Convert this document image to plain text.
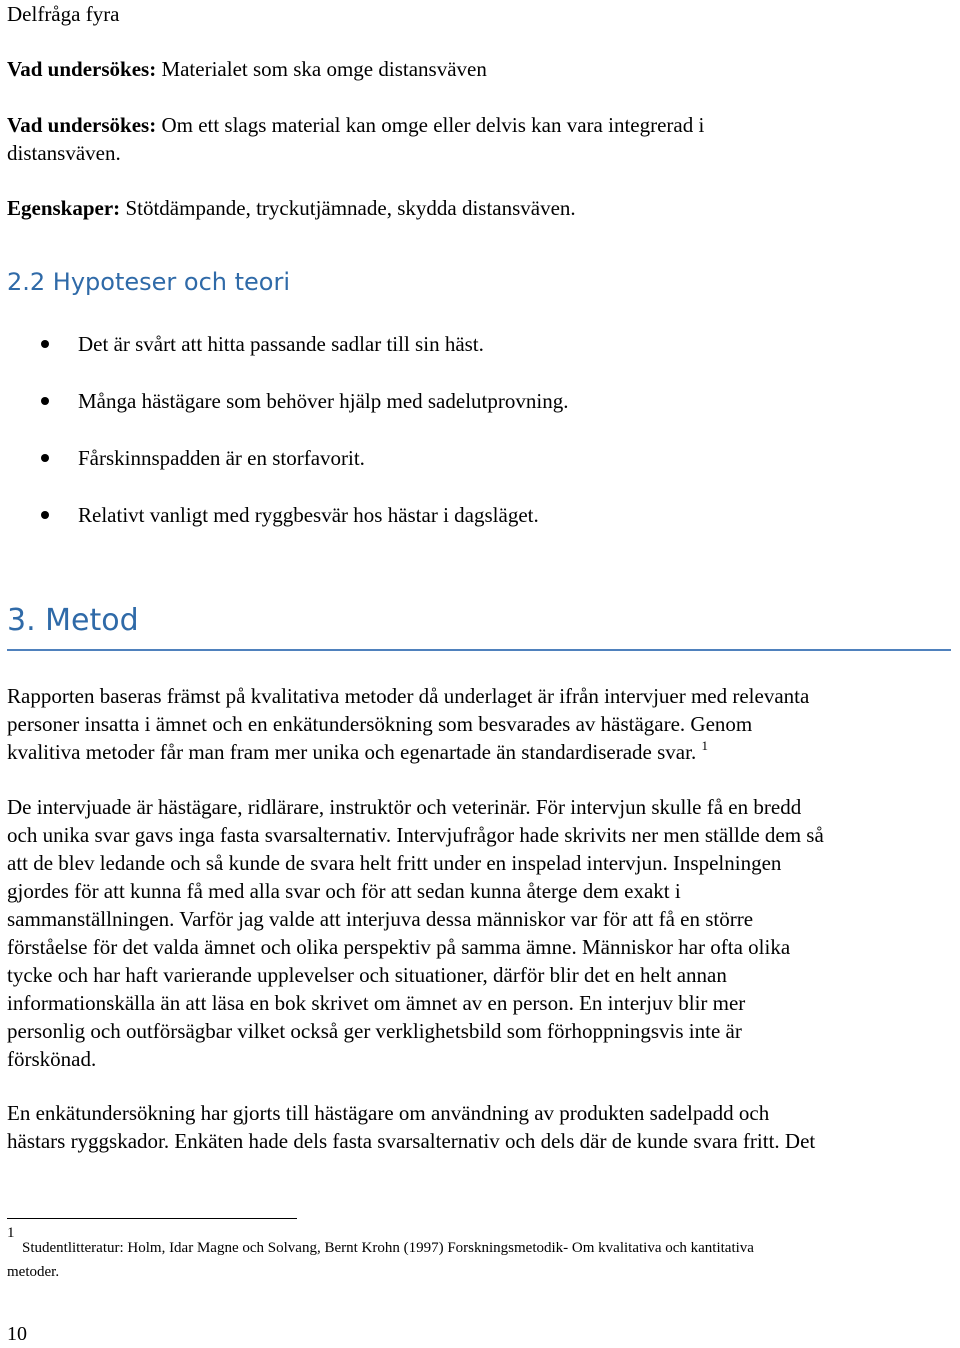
Delfråga fyra
Vad undersökes: Materialet som ska omge distansväven
Vad undersökes: Om ett slags material kan omge eller delvis kan vara integrerad i
distansväven.
Egenskaper: Stötdämpande, tryckutjämnade, skydda distansväven.
2.2 Hypoteser och teori
Det är svårt att hitta passande sadlar till sin häst.
Många hästägare som behöver hjälp med sadelutprovning.
Fårskinnspadden är en storfavorit.
Relativt vanligt med ryggbesvär hos hästar i dagsläget.
3. Metod
Rapporten baseras främst på kvalitativa metoder då underlaget är ifrån intervjuer med relevanta
personer insatta i ämnet och en enkätundersökning som besvarades av hästägare. Genom
kvalitiva metoder får man fram mer unika och egenartade än standardiserade svar. $^1$
De intervjuade är hästägare, ridlärare, instruktör och veterinär. För intervjun skulle få en bredd
och unika svar gavs inga fasta svarsalternativ. Intervjufrågor hade skrivits ner men ställde dem så
att de blev ledande och så kunde de svara helt fritt under en inspelad intervjun. Inspelningen
gjordes för att kunna få med alla svar och för att sedan kunna återge dem exakt i
sammanställningen. Varför jag valde att interjuva dessa människor var för att få en större
förståelse för det valda ämnet och olika perspektiv på samma ämne. Människor har ofta olika
tycke och har haft varierande upplevelser och situationer, därför blir det en helt annan
informationskälla än att läsa en bok skrivet om ämnet av en person. En interjuv blir mer
personlig och outförsägbar vilket också ger verklighetsbild som förhoppningsvis inte är
förskönad.
En enkätundersökning har gjorts till hästägare om användning av produkten sadelpadd och
hästars ryggskador. Enkäten hade dels fasta svarsalternativ och dels där de kunde svara fritt. Det
1
Studentlitteratur: Holm, Idar Magne och Solvang, Bernt Krohn (1997) Forskningsmetodik- Om kvalitativa och kantitativa
metoder.
10
